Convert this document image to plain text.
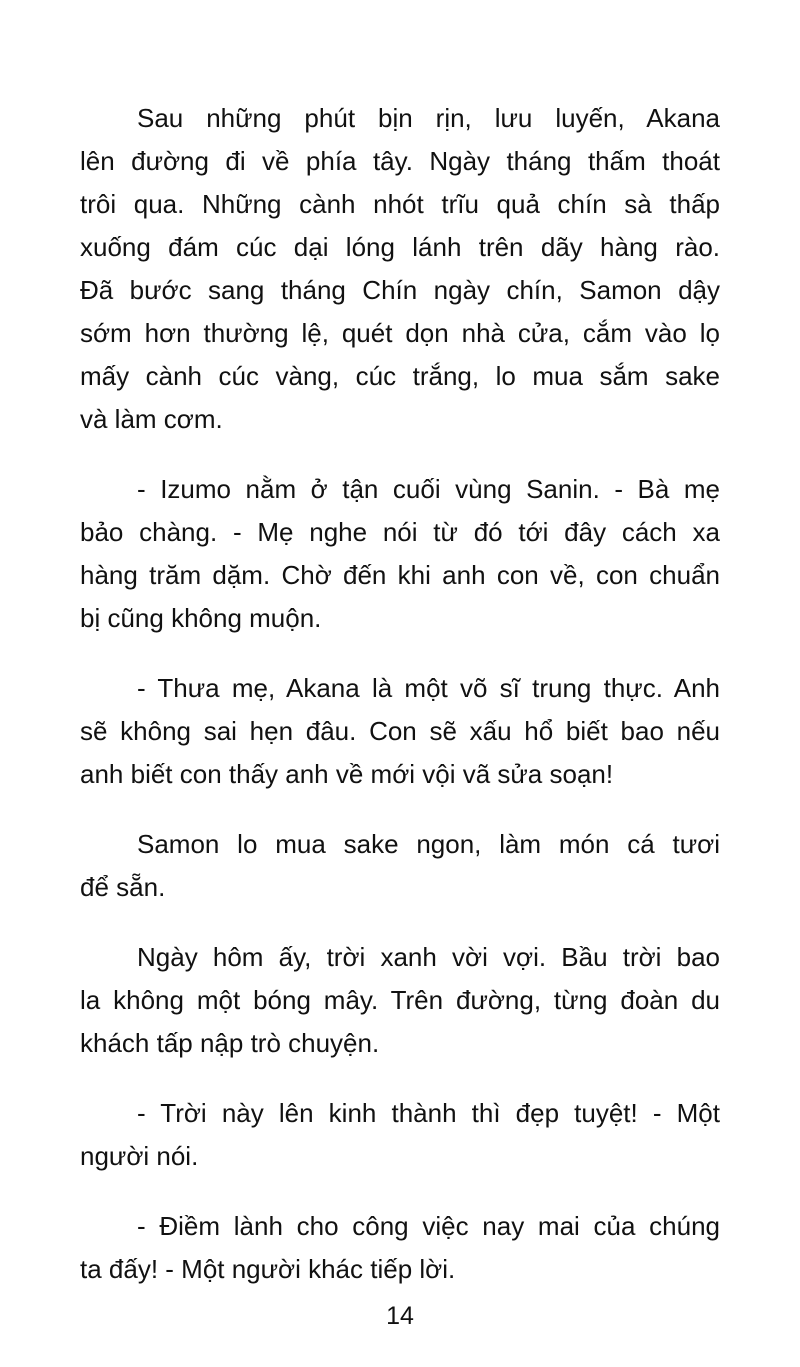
Sau những phút bịn rịn, lưu luyến, Akana
lên đường đi về phía tây. Ngày tháng thấm thoát
trôi qua. Những cành nhót trĩu quả chín sà thấp
xuống đám cúc dại lóng lánh trên dãy hàng rào.
Đã bước sang tháng Chín ngày chín, Samon dậy
sớm hơn thường lệ, quét dọn nhà cửa, cắm vào lọ
mấy cành cúc vàng, cúc trắng, lo mua sắm sake
và làm cơm.
- Izumo nằm ở tận cuối vùng Sanin. - Bà mẹ
bảo chàng. - Mẹ nghe nói từ đó tới đây cách xa
hàng trăm dặm. Chờ đến khi anh con về, con chuẩn
bị cũng không muộn.
- Thưa mẹ, Akana là một võ sĩ trung thực. Anh
sẽ không sai hẹn đâu. Con sẽ xấu hổ biết bao nếu
anh biết con thấy anh về mới vội vã sửa soạn!
Samon lo mua sake ngon, làm món cá tươi
để sẵn.
Ngày hôm ấy, trời xanh vời vợi. Bầu trời bao
la không một bóng mây. Trên đường, từng đoàn du
khách tấp nập trò chuyện.
- Trời này lên kinh thành thì đẹp tuyệt! - Một
người nói.
- Điềm lành cho công việc nay mai của chúng
ta đấy! - Một người khác tiếp lời.
14
